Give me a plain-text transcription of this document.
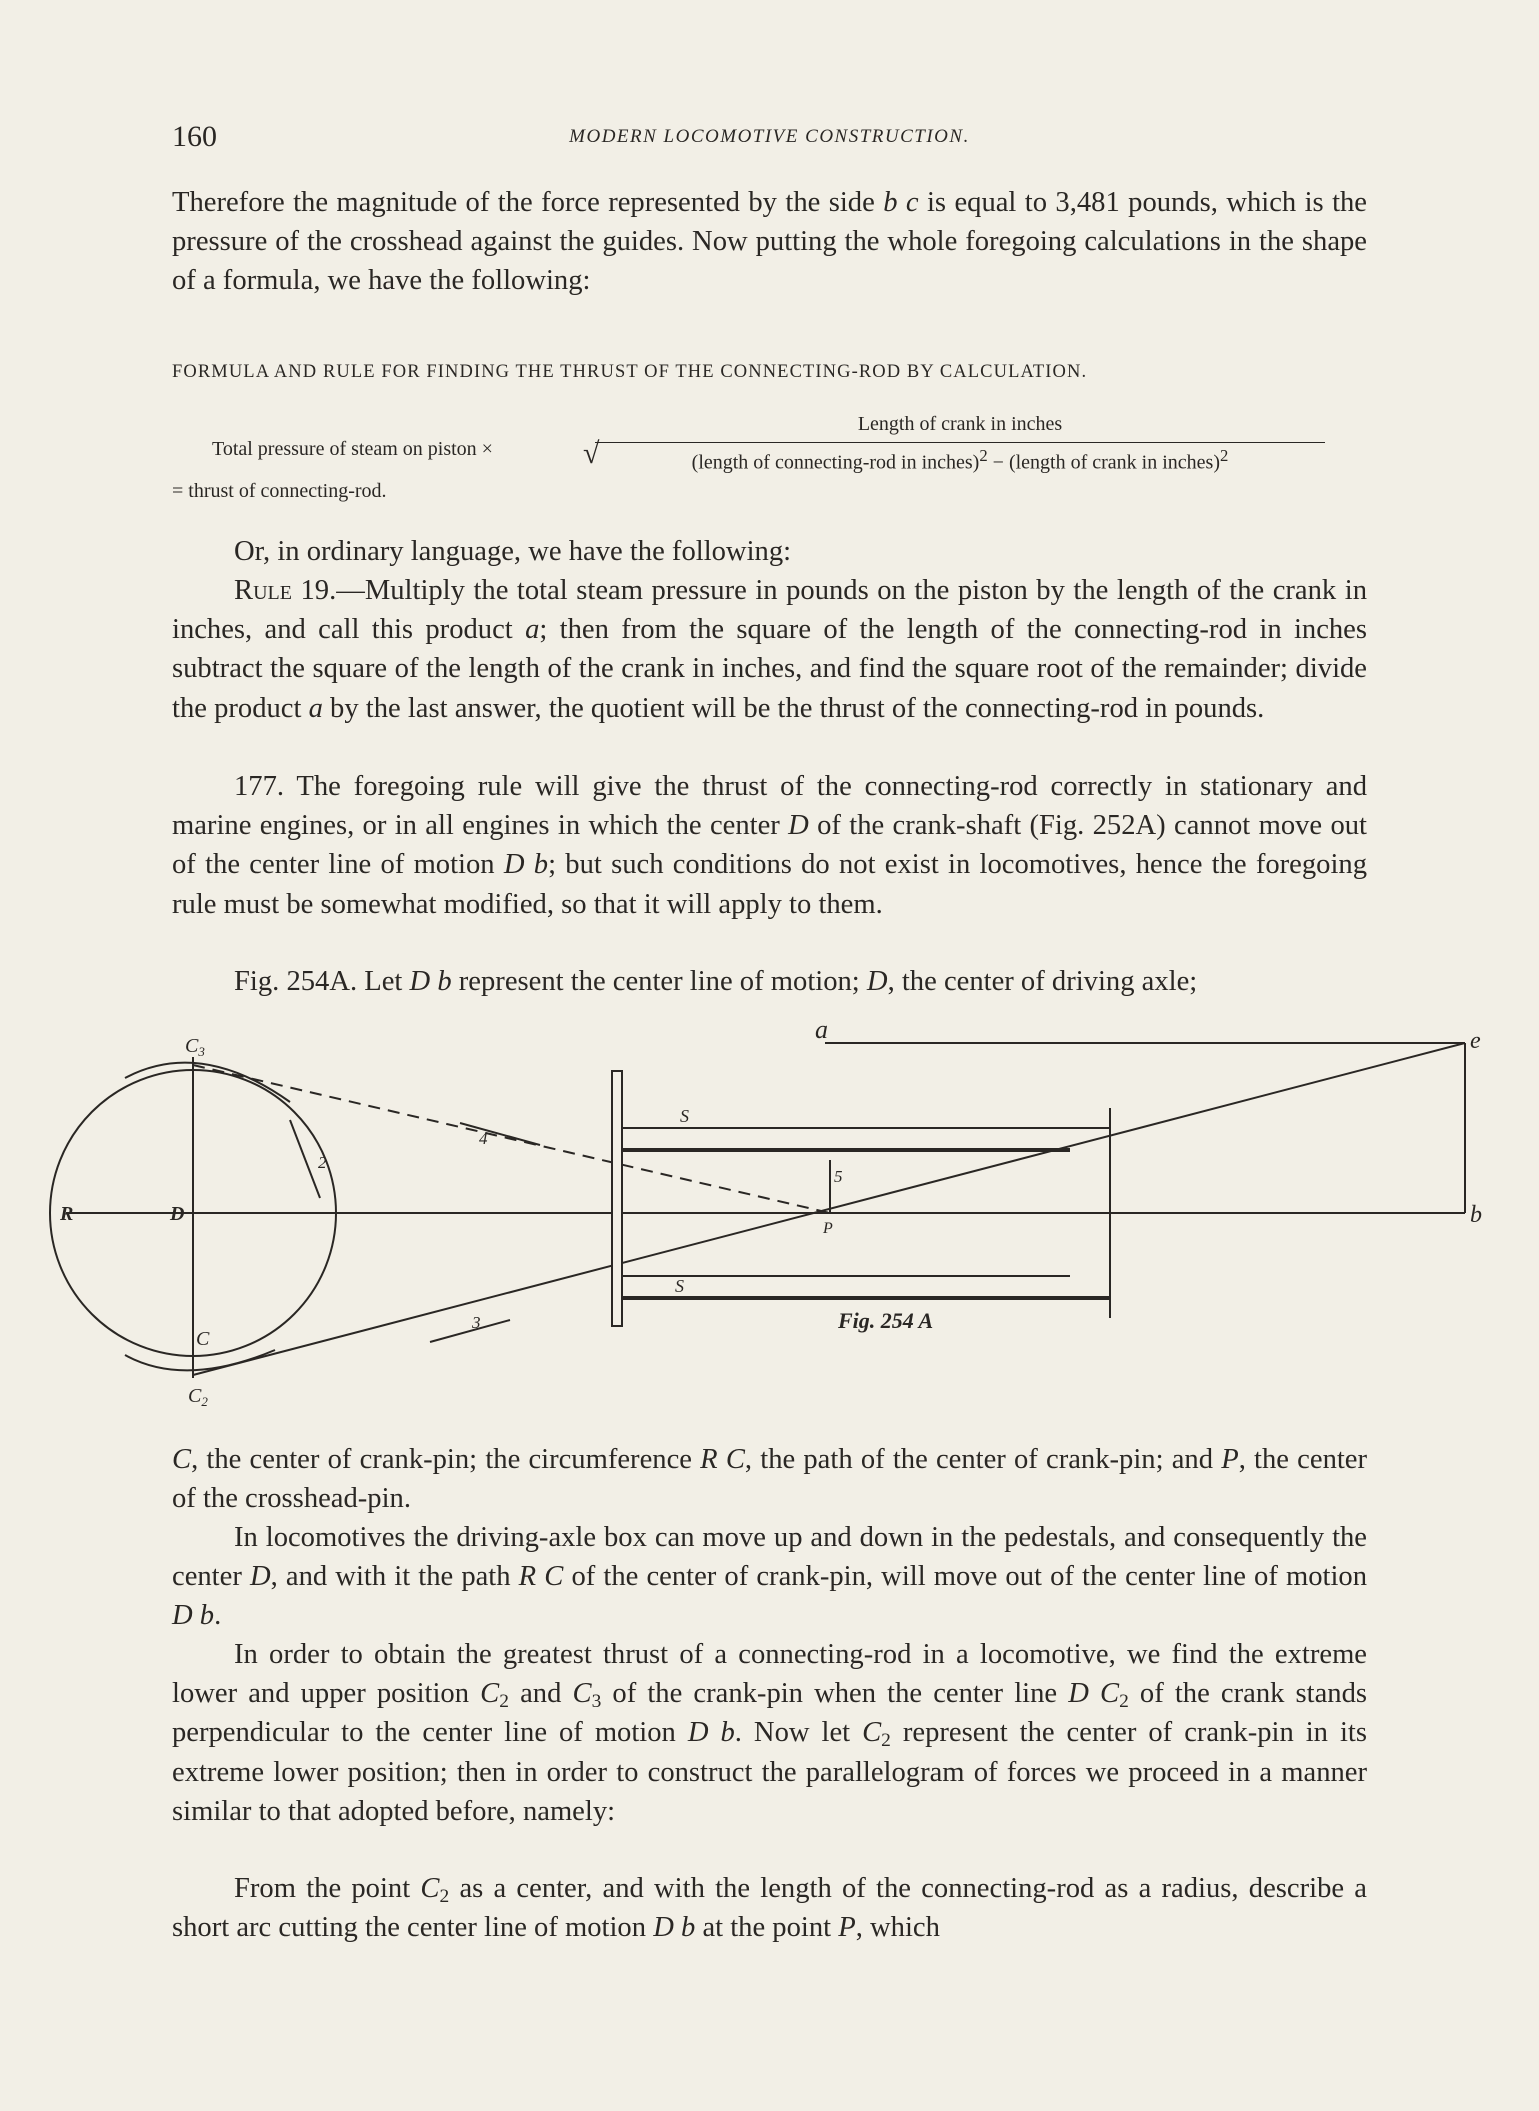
160	MODERN LOCOMOTIVE CONSTRUCTION.

Therefore the magnitude of the force represented by the side b c is equal to 3,481 pounds, which is the pressure of the crosshead against the guides. Now putting the whole foregoing calculations in the shape of a formula, we have the following:

FORMULA AND RULE FOR FINDING THE THRUST OF THE CONNECTING-ROD BY CALCULATION.
Total pressure of steam on piston ×	√
Length of crank in inches
(length of connecting-rod in inches)$^2$ − (length of crank in inches)$^2$
= thrust of connecting-rod.

Or, in ordinary language, we have the following:

Rule 19.—Multiply the total steam pressure in pounds on the piston by the length of the crank in inches, and call this product a; then from the square of the length of the connecting-rod in inches subtract the square of the length of the crank in inches, and find the square root of the remainder; divide the product a by the last answer, the quotient will be the thrust of the connecting-rod in pounds.

177. The foregoing rule will give the thrust of the connecting-rod correctly in stationary and marine engines, or in all engines in which the center D of the crank-shaft (Fig. 252A) cannot move out of the center line of motion D b; but such conditions do not exist in locomotives, hence the foregoing rule must be somewhat modified, so that it will apply to them.

Fig. 254A. Let D b represent the center line of motion; D, the center of driving axle;

$C_3$
$C_2$
R	D
C
a	e
b
P
S
S
2
3
4
5
Fig. 254 A

C, the center of crank-pin; the circumference R C, the path of the center of crank-pin; and P, the center of the crosshead-pin.

In locomotives the driving-axle box can move up and down in the pedestals, and consequently the center D, and with it the path R C of the center of crank-pin, will move out of the center line of motion D b.

In order to obtain the greatest thrust of a connecting-rod in a locomotive, we find the extreme lower and upper position $C_2$ and $C_3$ of the crank-pin when the center line D $C_2$ of the crank stands perpendicular to the center line of motion D b. Now let $C_2$ represent the center of crank-pin in its extreme lower position; then in order to construct the parallelogram of forces we proceed in a manner similar to that adopted before, namely:

From the point $C_2$ as a center, and with the length of the connecting-rod as a radius, describe a short arc cutting the center line of motion D b at the point P, which
